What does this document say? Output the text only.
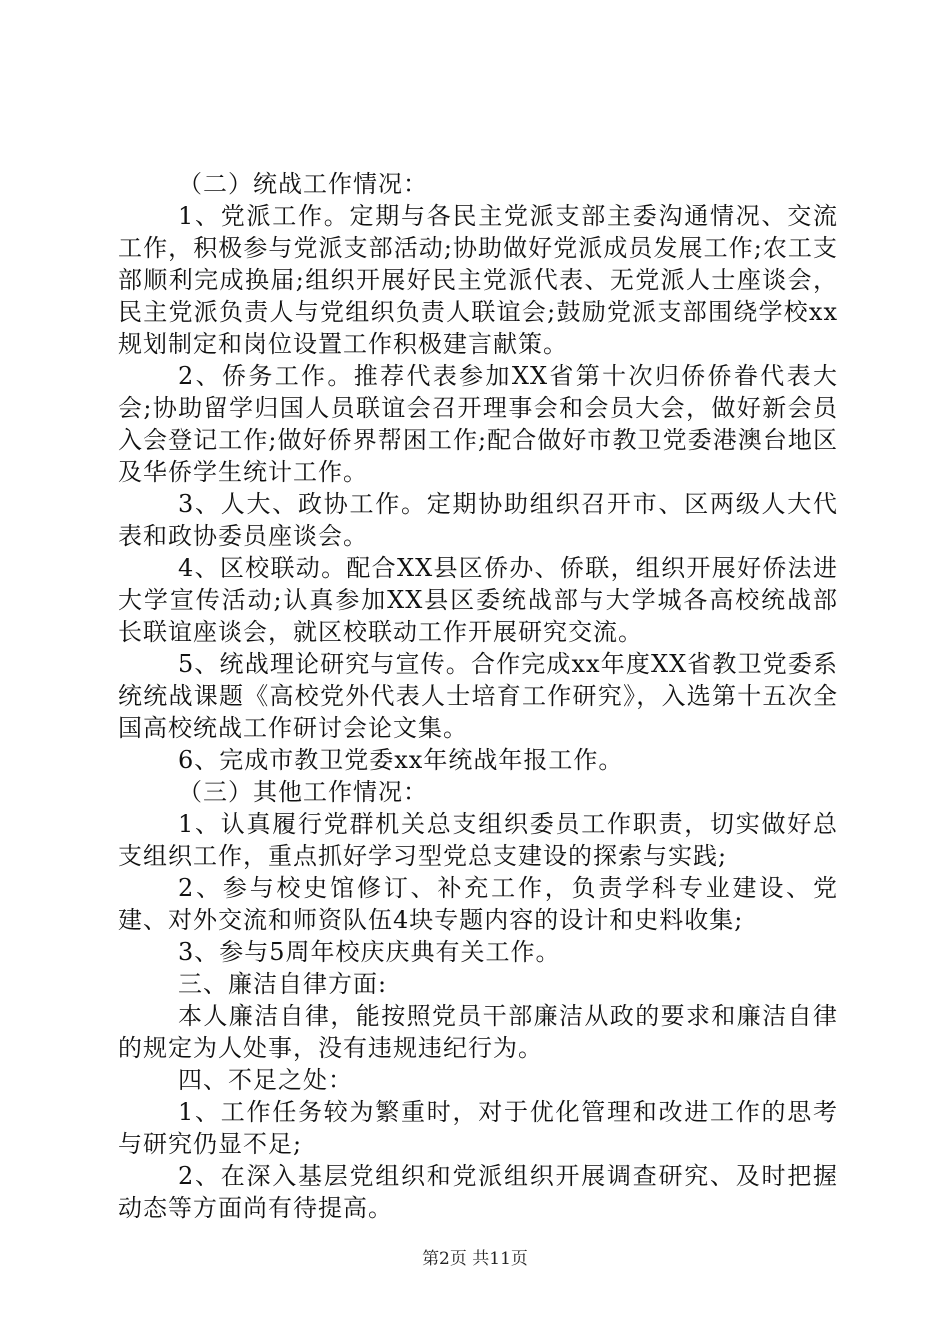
（二）统战工作情况：

1、党派工作。定期与各民主党派支部主委沟通情况、交流工作，积极参与党派支部活动;协助做好党派成员发展工作;农工支部顺利完成换届;组织开展好民主党派代表、无党派人士座谈会，民主党派负责人与党组织负责人联谊会;鼓励党派支部围绕学校xx规划制定和岗位设置工作积极建言献策。

2、侨务工作。推荐代表参加XX省第十次归侨侨眷代表大会;协助留学归国人员联谊会召开理事会和会员大会，做好新会员入会登记工作;做好侨界帮困工作;配合做好市教卫党委港澳台地区及华侨学生统计工作。

3、人大、政协工作。定期协助组织召开市、区两级人大代表和政协委员座谈会。

4、区校联动。配合XX县区侨办、侨联，组织开展好侨法进大学宣传活动;认真参加XX县区委统战部与大学城各高校统战部长联谊座谈会，就区校联动工作开展研究交流。

5、统战理论研究与宣传。合作完成xx年度XX省教卫党委系统统战课题《高校党外代表人士培育工作研究》，入选第十五次全国高校统战工作研讨会论文集。

6、完成市教卫党委xx年统战年报工作。

（三）其他工作情况：

1、认真履行党群机关总支组织委员工作职责，切实做好总支组织工作，重点抓好学习型党总支建设的探索与实践;

2、参与校史馆修订、补充工作，负责学科专业建设、党建、对外交流和师资队伍4块专题内容的设计和史料收集;

3、参与5周年校庆庆典有关工作。

三、廉洁自律方面:

本人廉洁自律，能按照党员干部廉洁从政的要求和廉洁自律的规定为人处事，没有违规违纪行为。

四、不足之处：

1、工作任务较为繁重时，对于优化管理和改进工作的思考与研究仍显不足;

2、在深入基层党组织和党派组织开展调查研究、及时把握动态等方面尚有待提高。

第2页 共11页
